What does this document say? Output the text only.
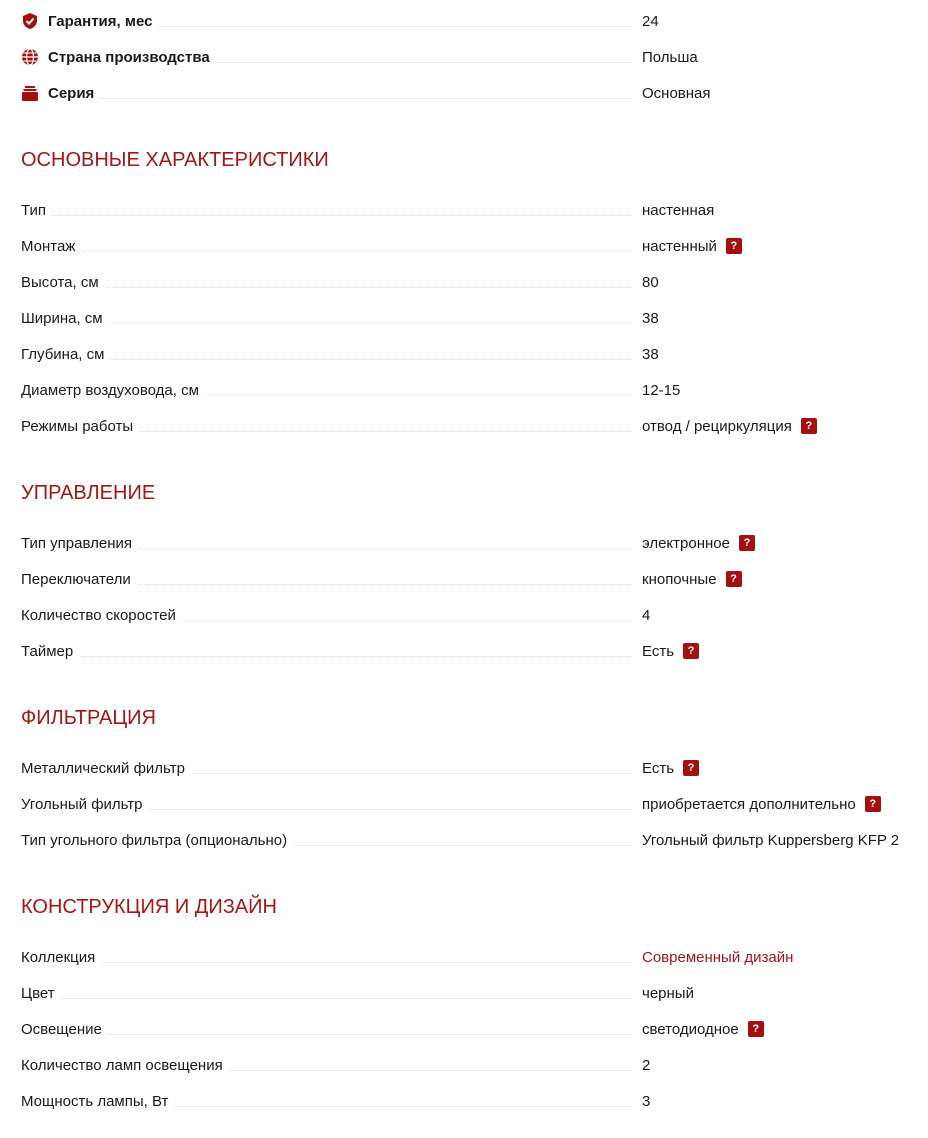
Гарантия, мес	24
Страна производства	Польша
Серия	Основная
ОСНОВНЫЕ ХАРАКТЕРИСТИКИ
Тип	настенная
Монтаж	настенный	?
Высота, см	80
Ширина, см	38
Глубина, см	38
Диаметр воздуховода, см	12-15
Режимы работы	отвод / рециркуляция	?
УПРАВЛЕНИЕ
Тип управления	электронное	?
Переключатели	кнопочные	?
Количество скоростей	4
Таймер	Есть	?
ФИЛЬТРАЦИЯ
Металлический фильтр	Есть	?
Угольный фильтр	приобретается дополнительно	?
Тип угольного фильтра (опционально)	Угольный фильтр Kuppersberg KFP 2
КОНСТРУКЦИЯ И ДИЗАЙН
Коллекция	Современный дизайн
Цвет	черный
Освещение	светодиодное	?
Количество ламп освещения	2
Мощность лампы, Вт	3
